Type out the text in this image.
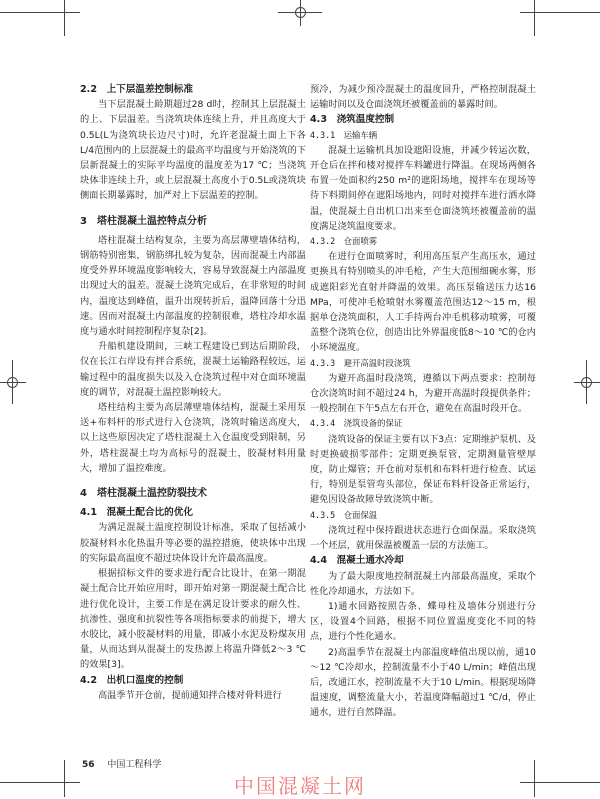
2.2　上下层温差控制标准

当下层混凝土龄期超过28 d时，控制其上层混凝土的上、下层温差。当浇筑块体连续上升，并且高度大于0.5L(L为浇筑块长边尺寸)时，允许老混凝土面上下各L/4范围内的上层混凝土的最高平均温度与开始浇筑的下层新混凝土的实际平均温度的温度差为17 ℃；当浇筑块体非连续上升，或上层混凝土高度小于0.5L或浇筑块侧面长期暴露时，加严对上下层温差的控制。

3　塔柱混凝土温控特点分析

塔柱混凝土结构复杂，主要为高层薄壁墙体结构，钢筋特别密集，钢筋绑扎较为复杂，因而混凝土内部温度受外界环境温度影响较大，容易导致混凝土内部温度出现过大的温差。混凝土浇筑完成后，在非常短的时间内，温度达到峰值，温升出现转折后，温降回落十分迅速。因而对混凝土内部温度的控制很难，塔柱冷却水温度与通水时间控制程序复杂[2]。

升船机建设期间，三峡工程建设已到达后期阶段，仅在长江右岸设有拌合系统，混凝土运输路程较远，运输过程中的温度损失以及入仓浇筑过程中对仓面环境温度的调节，对混凝土温控影响较大。

塔柱结构主要为高层薄壁墙体结构，混凝土采用泵送+布料杆的形式进行入仓浇筑，浇筑时输送高度大，以上这些原因决定了塔柱混凝土入仓温度受到限制，另外，塔柱混凝土均为高标号的混凝土，胶凝材料用量大，增加了温控难度。

4　塔柱混凝土温控防裂技术

4.1　混凝土配合比的优化

为满足混凝土温度控制设计标准，采取了包括减小胶凝材料水化热温升等必要的温控措施，使块体中出现的实际最高温度不超过块体设计允许最高温度。

根据招标文件的要求进行配合比设计，在第一期混凝土配合比开始应用时，即开始对第一期混凝土配合比进行优化设计，主要工作是在满足设计要求的耐久性、抗渗性、强度和抗裂性等各项指标要求的前提下，增大水胶比，减小胶凝材料的用量，即减小水泥及粉煤灰用量，从而达到从混凝土的发热源上将温升降低2～3 ℃的效果[3]。

4.2　出机口温度的控制

高温季节开仓前，提前通知拌合楼对骨料进行

预冷，为减少预冷混凝土的温度回升，严格控制混凝土运输时间以及仓面浇筑坯被覆盖前的暴露时间。

4.3　浇筑温度控制

4.3.1　运输车辆

混凝土运输机具加设遮阳设施，并减少转运次数，开仓后在拌和楼对搅拌车料罐进行降温。在现场两侧各布置一处面积约250 m²的遮阳场地，搅拌车在现场等待下料期间停在遮阳场地内，同时对搅拌车进行洒水降温，使混凝土自出机口出来至仓面浇筑坯被覆盖前的温度满足浇筑温度要求。

4.3.2　仓面喷雾

在进行仓面喷雾时，利用高压泵产生高压水，通过更换具有特别喷头的冲毛枪，产生大范围细碗水雾，形成遮阳彩光直射并降温的效果。高压泵输送压力达16 MPa，可使冲毛枪喷射水雾覆盖范围达12～15 m，根据单仓浇筑面积，人工手持两台冲毛机移动喷雾，可覆盖整个浇筑仓位，创造出比外界温度低8～10 ℃的仓内小环境温度。

4.3.3　避开高温时段浇筑

为避开高温时段浇筑，遵循以下两点要求：控制每仓次浇筑时间不超过24 h，为避开高温时段提供条件；一般控制在下午5点左右开仓，避免在高温时段开仓。

4.3.4　浇筑设备的保证

浇筑设备的保证主要有以下3点：定期维护泵机、及时更换破损零部件；定期更换泵管，定期测量管壁厚度，防止爆管；开仓前对泵机和布料杆进行检查、试运行，特别是泵管弯头部位，保证布料杆设备正常运行，避免因设备故障导致浇筑中断。

4.3.5　仓面保温

浇筑过程中保持跟进状态进行仓面保温。采取浇筑一个坯层，就用保温被覆盖一层的方法施工。

4.4　混凝土通水冷却

为了最大限度地控制混凝土内部最高温度，采取个性化冷却通水，方法如下。

1)通水回路按照告条、蝶母柱及墙体分别进行分区，设置4个回路，根据不同位置温度变化不同的特点，进行个性化通水。

2)高温季节在混凝土内部温度峰值出现以前，通10～12 ℃冷却水，控制流量不小于40 L/min；峰值出现后，改通江水，控制流量不大于10 L/min。根据现场降温速度，调整流量大小，若温度降幅超过1 ℃/d，停止通水，进行自然降温。

56 中国工程科学
中国混凝土网
